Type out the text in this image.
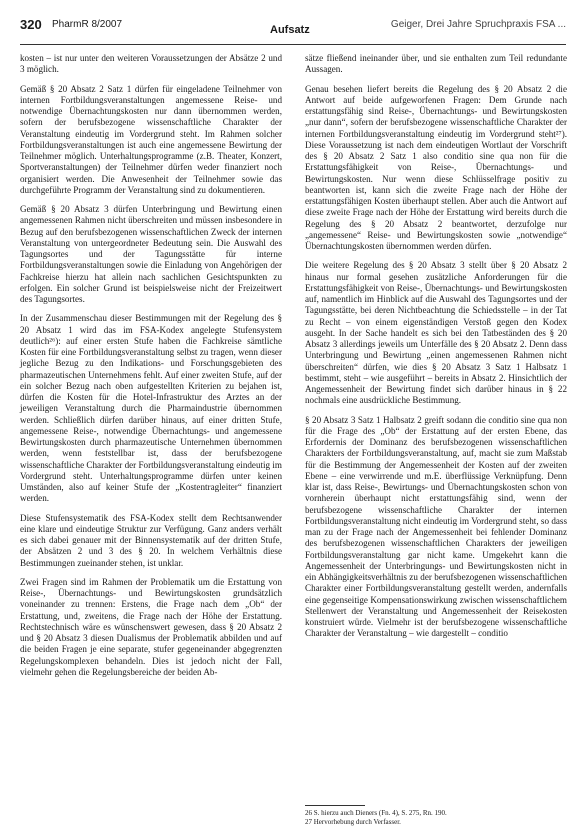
320 PharmR 8/2007	Aufsatz	Geiger, Drei Jahre Spruchpraxis FSA ...

kosten – ist nur unter den weiteren Voraussetzungen der Absätze 2 und 3 möglich.

Gemäß § 20 Absatz 2 Satz 1 dürfen für eingeladene Teilnehmer von internen Fortbildungsveranstaltungen angemessene Reise- und notwendige Übernachtungskosten nur dann übernommen werden, sofern der berufsbezogene wissenschaftliche Charakter der Veranstaltung eindeutig im Vordergrund steht. Im Rahmen solcher Fortbildungsveranstaltungen ist auch eine angemessene Bewirtung der Teilnehmer möglich. Unterhaltungsprogramme (z.B. Theater, Konzert, Sportveranstaltungen) der Teilnehmer dürfen weder finanziert noch organisiert werden. Die Anwesenheit der Teilnehmer sowie das durchgeführte Programm der Veranstaltung sind zu dokumentieren.

Gemäß § 20 Absatz 3 dürfen Unterbringung und Bewirtung einen angemessenen Rahmen nicht überschreiten und müssen insbesondere in Bezug auf den berufsbezogenen wissenschaftlichen Zweck der internen Veranstaltung von untergeordneter Bedeutung sein. Die Auswahl des Tagungsortes und der Tagungsstätte für interne Fortbildungsveranstaltungen sowie die Einladung von Angehörigen der Fachkreise hierzu hat allein nach sachlichen Gesichtspunkten zu erfolgen. Ein solcher Grund ist beispielsweise nicht der Freizeitwert des Tagungsortes.

In der Zusammenschau dieser Bestimmungen mit der Regelung des § 20 Absatz 1 wird das im FSA-Kodex angelegte Stufensystem deutlich²⁶): auf einer ersten Stufe haben die Fachkreise sämtliche Kosten für eine Fortbildungsveranstaltung selbst zu tragen, wenn dieser jegliche Bezug zu den Indikations- und Forschungsgebieten des pharmazeutischen Unternehmens fehlt. Auf einer zweiten Stufe, auf der ein solcher Bezug nach oben aufgestellten Kriterien zu bejahen ist, dürfen die Kosten für die Hotel-Infrastruktur des Arztes an der jeweiligen Veranstaltung durch die Pharmaindustrie übernommen werden. Schließlich dürfen darüber hinaus, auf einer dritten Stufe, angemessene Reise-, notwendige Übernachtungs- und angemessene Bewirtungskosten durch pharmazeutische Unternehmen übernommen werden, wenn feststellbar ist, dass der berufsbezogene wissenschaftliche Charakter der Fortbildungsveranstaltung eindeutig im Vordergrund steht. Unterhaltungsprogramme dürfen unter keinen Umständen, also auf keiner Stufe der „Kostentragleiter“ finanziert werden.

Diese Stufensystematik des FSA-Kodex stellt dem Rechtsanwender eine klare und eindeutige Struktur zur Verfügung. Ganz anders verhält es sich dabei genauer mit der Binnensystematik auf der dritten Stufe, der Absätzen 2 und 3 des § 20. In welchem Verhältnis diese Bestimmungen zueinander stehen, ist unklar.

Zwei Fragen sind im Rahmen der Problematik um die Erstattung von Reise-, Übernachtungs- und Bewirtungskosten grundsätzlich voneinander zu trennen: Erstens, die Frage nach dem „Ob“ der Erstattung, und, zweitens, die Frage nach der Höhe der Erstattung. Rechtstechnisch wäre es wünschenswert gewesen, dass § 20 Absatz 2 und § 20 Absatz 3 diesen Dualismus der Problematik abbilden und auf die beiden Fragen je eine separate, stufer gegeneinander abgegrenzten Regelungskomplexen behandeln. Dies ist jedoch nicht der Fall, vielmehr gehen die Regelungsbereiche der beiden Ab-

sätze fließend ineinander über, und sie enthalten zum Teil redundante Aussagen.

Genau besehen liefert bereits die Regelung des § 20 Absatz 2 die Antwort auf beide aufgeworfenen Fragen: Dem Grunde nach erstattungsfähig sind Reise-, Übernachtungs- und Bewirtungskosten „nur dann“, sofern der berufsbezogene wissenschaftliche Charakter der internen Fortbildungsveranstaltung eindeutig im Vordergrund steht²⁷). Diese Voraussetzung ist nach dem eindeutigen Wortlaut der Vorschrift des § 20 Absatz 2 Satz 1 also conditio sine qua non für die Erstattungsfähigkeit von Reise-, Übernachtungs- und Bewirtungskosten. Nur wenn diese Schlüsselfrage positiv zu beantworten ist, kann sich die zweite Frage nach der Höhe der erstattungsfähigen Kosten überhaupt stellen. Aber auch die Antwort auf diese zweite Frage nach der Höhe der Erstattung wird bereits durch die Regelung des § 20 Absatz 2 beantwortet, derzufolge nur „angemessene“ Reise- und Bewirtungskosten sowie „notwendige“ Übernachtungskosten übernommen werden dürfen.

Die weitere Regelung des § 20 Absatz 3 stellt über § 20 Absatz 2 hinaus nur formal gesehen zusätzliche Anforderungen für die Erstattungsfähigkeit von Reise-, Übernachtungs- und Bewirtungskosten auf, namentlich im Hinblick auf die Auswahl des Tagungsortes und der Tagungsstätte, bei deren Nichtbeachtung die Schiedsstelle – in der Tat zu Recht – von einem eigenständigen Verstoß gegen den Kodex ausgeht. In der Sache handelt es sich bei den Tatbeständen des § 20 Absatz 3 allerdings jeweils um Unterfälle des § 20 Absatz 2. Denn dass Unterbringung und Bewirtung „einen angemessenen Rahmen nicht überschreiten“ dürfen, wie dies § 20 Absatz 3 Satz 1 Halbsatz 1 bestimmt, steht – wie ausgeführt – bereits in Absatz 2. Hinsichtlich der Angemessenheit der Bewirtung findet sich darüber hinaus in § 22 nochmals eine ausdrückliche Bestimmung.

§ 20 Absatz 3 Satz 1 Halbsatz 2 greift sodann die conditio sine qua non für die Frage des „Ob“ der Erstattung auf der ersten Ebene, das Erfordernis der Dominanz des berufsbezogenen wissenschaftlichen Charakters der Fortbildungsveranstaltung, auf, macht sie zum Maßstab für die Bestimmung der Angemessenheit der Kosten auf der zweiten Ebene – eine verwirrende und m.E. überflüssige Verknüpfung. Denn klar ist, dass Reise-, Bewirtungs- und Übernachtungskosten schon von vornherein überhaupt nicht erstattungsfähig sind, wenn der berufsbezogene wissenschaftliche Charakter der internen Fortbildungsveranstaltung nicht eindeutig im Vordergrund steht, so dass man zu der Frage nach der Angemessenheit bei fehlender Dominanz des berufsbezogenen wissenschaftlichen Charakters der jeweiligen Fortbildungsveranstaltung gar nicht kame. Umgekehrt kann die Angemessenheit der Unterbringungs- und Bewirtungskosten nicht in ein Abhängigkeitsverhältnis zu der berufsbezogenen wissenschaftlichen Charakter einer Fortbildungsveranstaltung gestellt werden, andernfalls eine gegenseitige Kompensationswirkung zwischen wissenschaftlichem Stellenwert der Veranstaltung und Angemessenheit der Reisekosten konstruiert würde. Vielmehr ist der berufsbezogene wissenschaftliche Charakter der Veranstaltung – wie dargestellt – conditio

26 S. hierzu auch Dieners (Fn. 4), S. 275, Rn. 190.

27 Hervorhebung durch Verfasser.
